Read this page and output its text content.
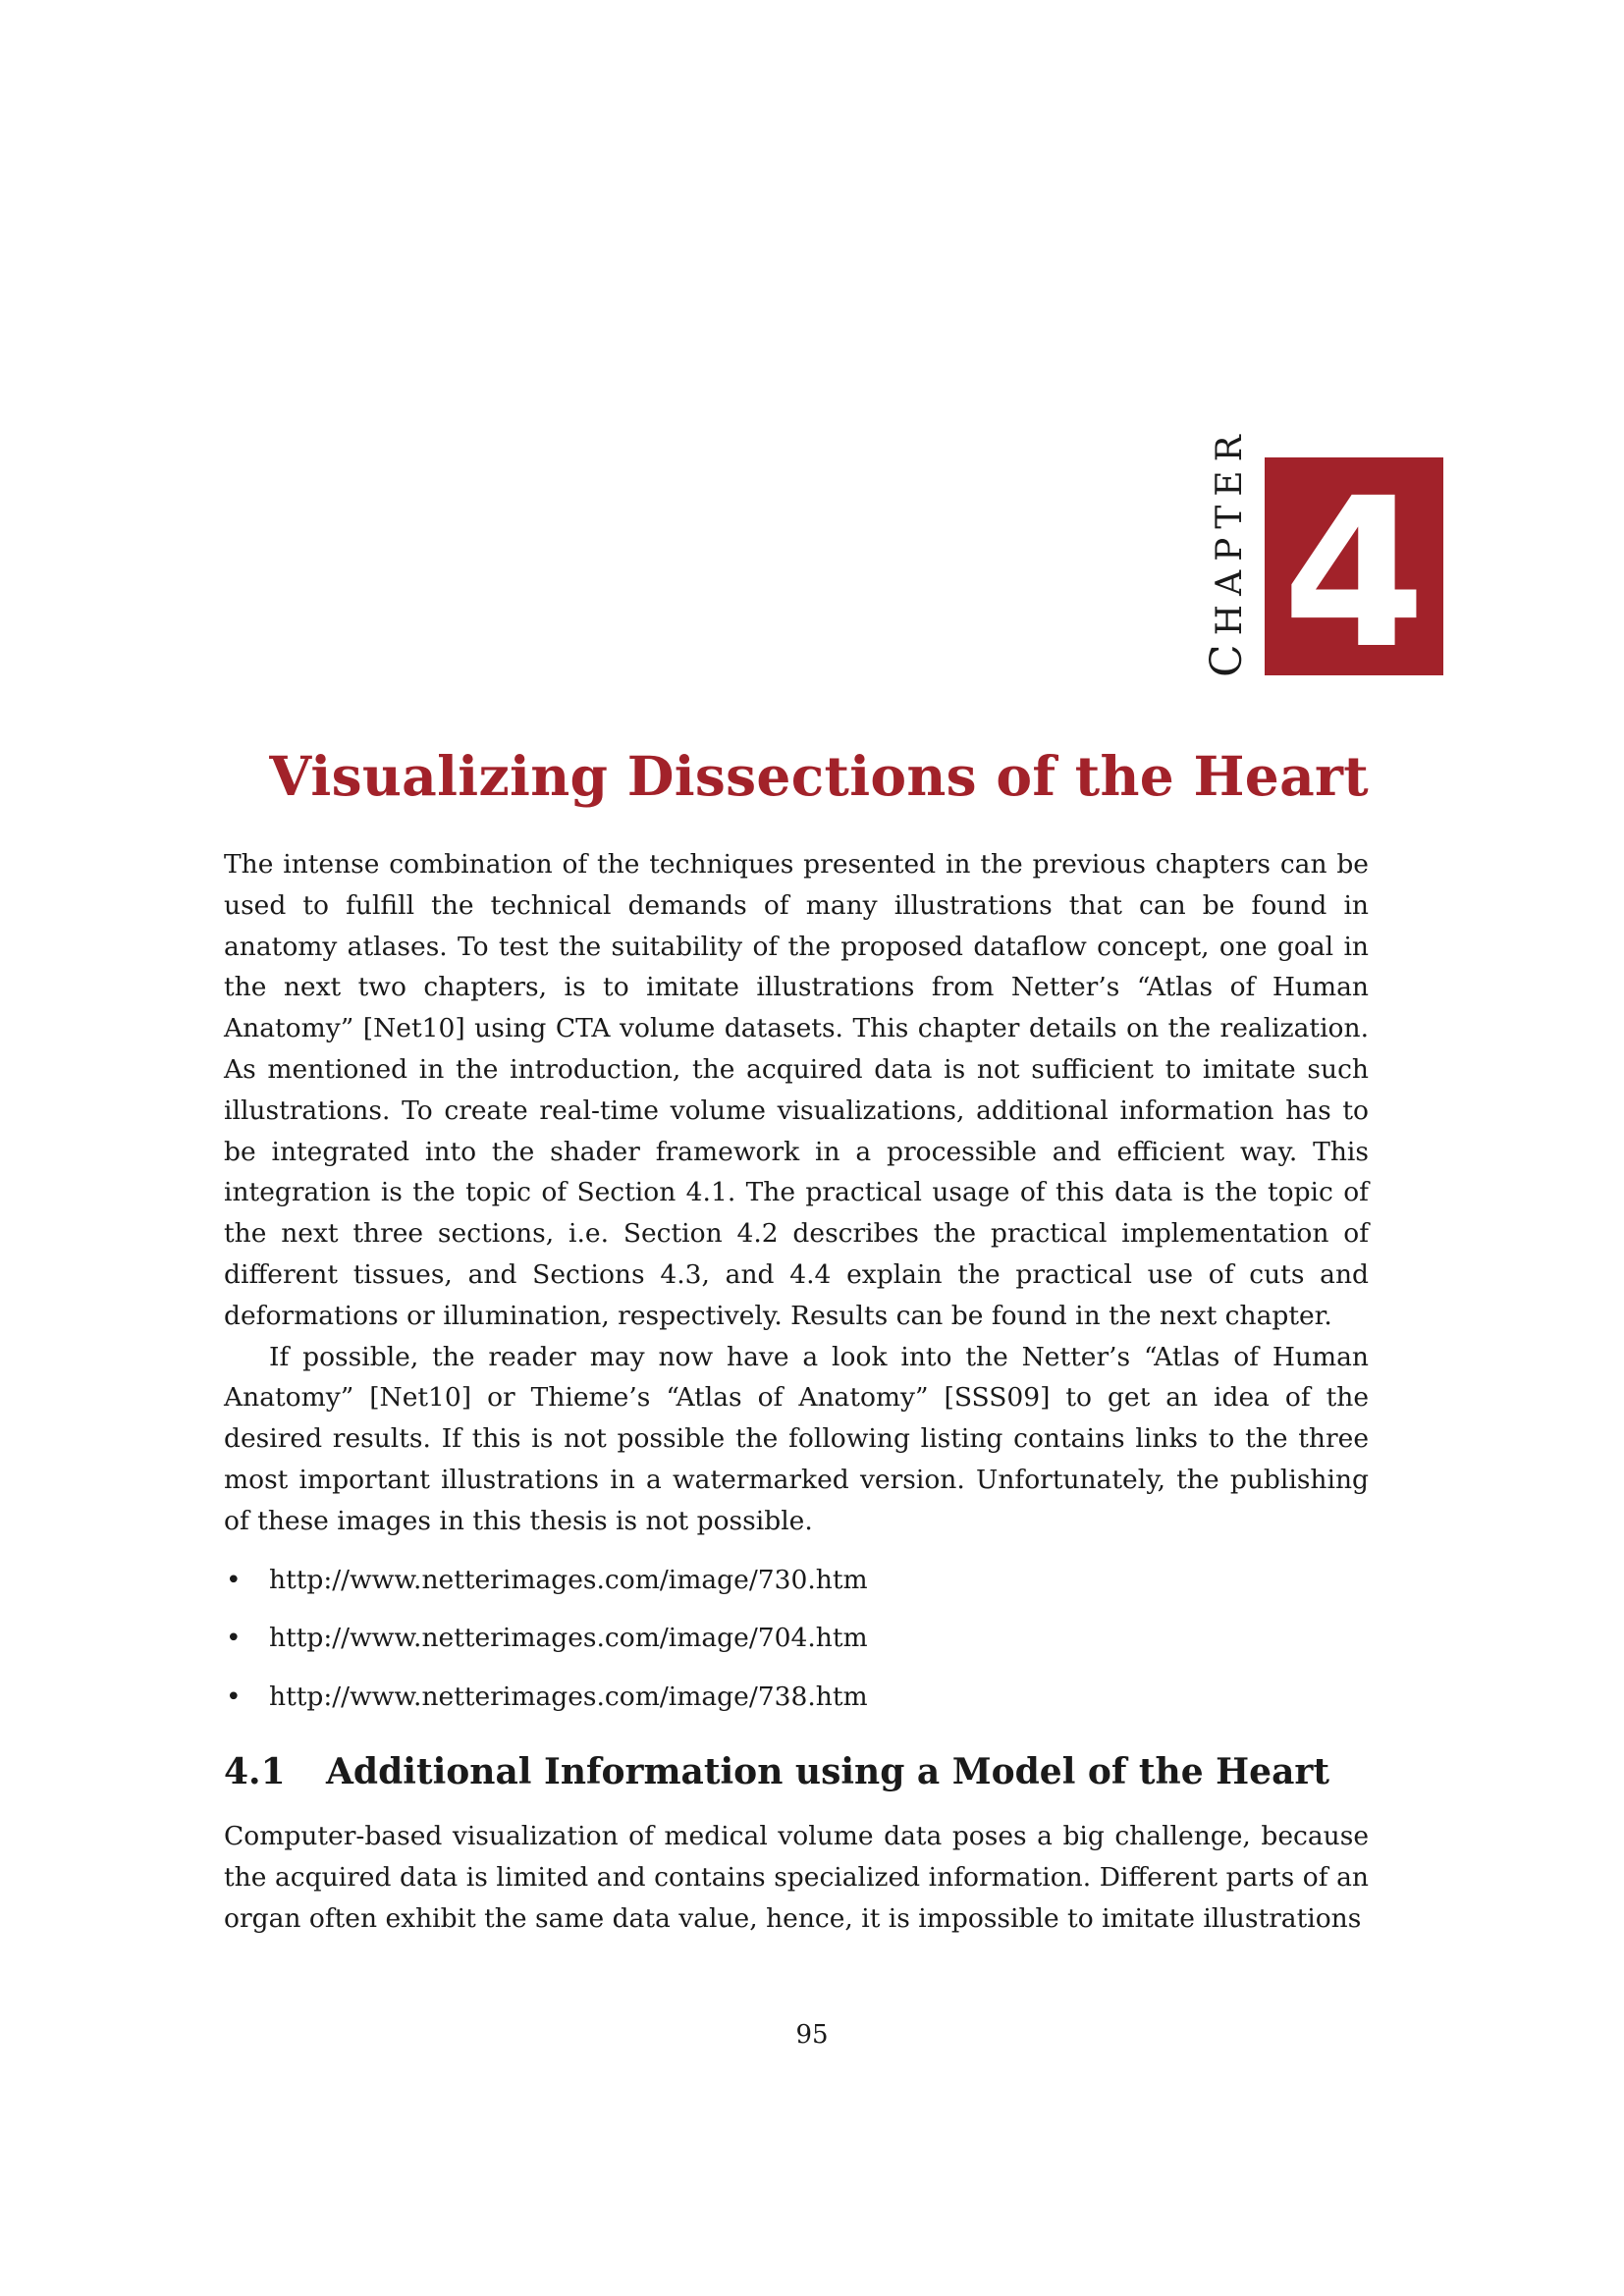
CHAPTER 4
Visualizing Dissections of the Heart

The intense combination of the techniques presented in the previous chapters can be used to fulfill the technical demands of many illustrations that can be found in anatomy atlases. To test the suitability of the proposed dataflow concept, one goal in the next two chapters, is to imitate illustrations from Netter’s “Atlas of Human Anatomy” [Net10] using CTA volume datasets. This chapter details on the realization. As mentioned in the introduction, the acquired data is not sufficient to imitate such illustrations. To create real-time volume visualizations, additional information has to be integrated into the shader framework in a processible and efficient way. This integration is the topic of Section 4.1. The practical usage of this data is the topic of the next three sections, i.e. Section 4.2 describes the practical implementation of different tissues, and Sections 4.3, and 4.4 explain the practical use of cuts and deformations or illumination, respectively. Results can be found in the next chapter.

If possible, the reader may now have a look into the Netter’s “Atlas of Human Anatomy” [Net10] or Thieme’s “Atlas of Anatomy” [SSS09] to get an idea of the desired results. If this is not possible the following listing contains links to the three most important illustrations in a watermarked version. Unfortunately, the publishing of these images in this thesis is not possible.

• http://www.netterimages.com/image/730.htm
• http://www.netterimages.com/image/704.htm
• http://www.netterimages.com/image/738.htm
4.1 Additional Information using a Model of the Heart

Computer-based visualization of medical volume data poses a big challenge, because the acquired data is limited and contains specialized information. Different parts of an organ often exhibit the same data value, hence, it is impossible to imitate illustrations

95
